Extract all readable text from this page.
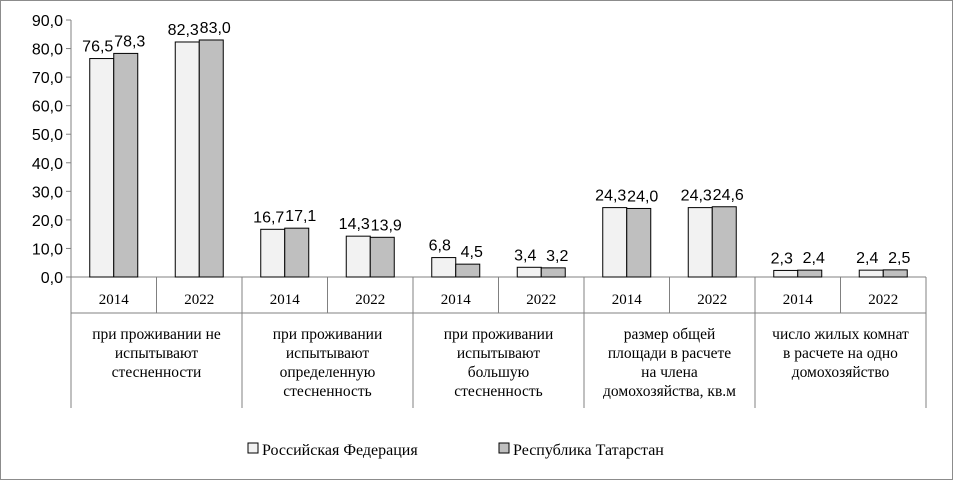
0,0
10,0
20,0
30,0
40,0
50,0
60,0
70,0
80,0
90,0
76,5 78,3
82,3 83,0
16,7 17,1 14,3 13,9
6,8 4,5 3,4 3,2
24,3 24,0 24,3 24,6
2,3 2,4 2,4 2,5
2014	2022
при проживании не
испытывают
стесненности
2014	2022
при проживании
испытывают
определенную
стесненность
2014	2022
при проживании
испытывают
большую
стесненность
2014	2022
размер общей
площади в расчете
на члена
домохозяйства, кв.м
2014	2022
число жилых комнат
в расчете на одно
домохозяйство
Российская Федерация	Республика Татарстан
